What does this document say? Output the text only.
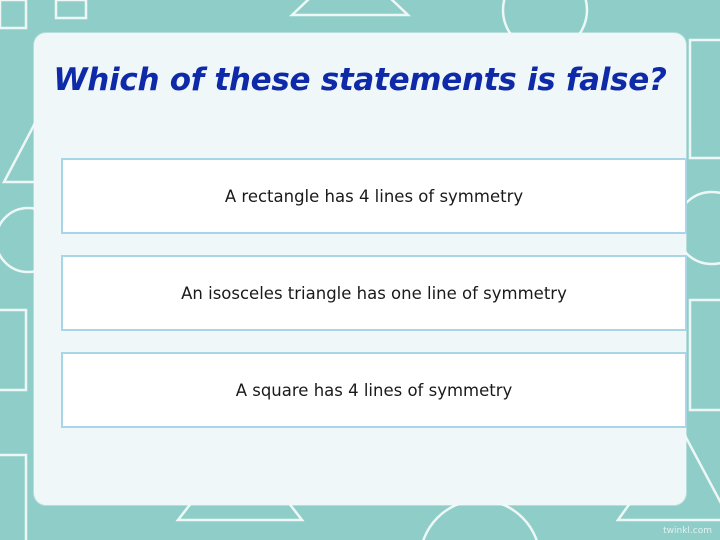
Which of these statements is false?
A rectangle has 4 lines of symmetry
An isosceles triangle has one line of symmetry
A square has 4 lines of symmetry
twinkl.com
